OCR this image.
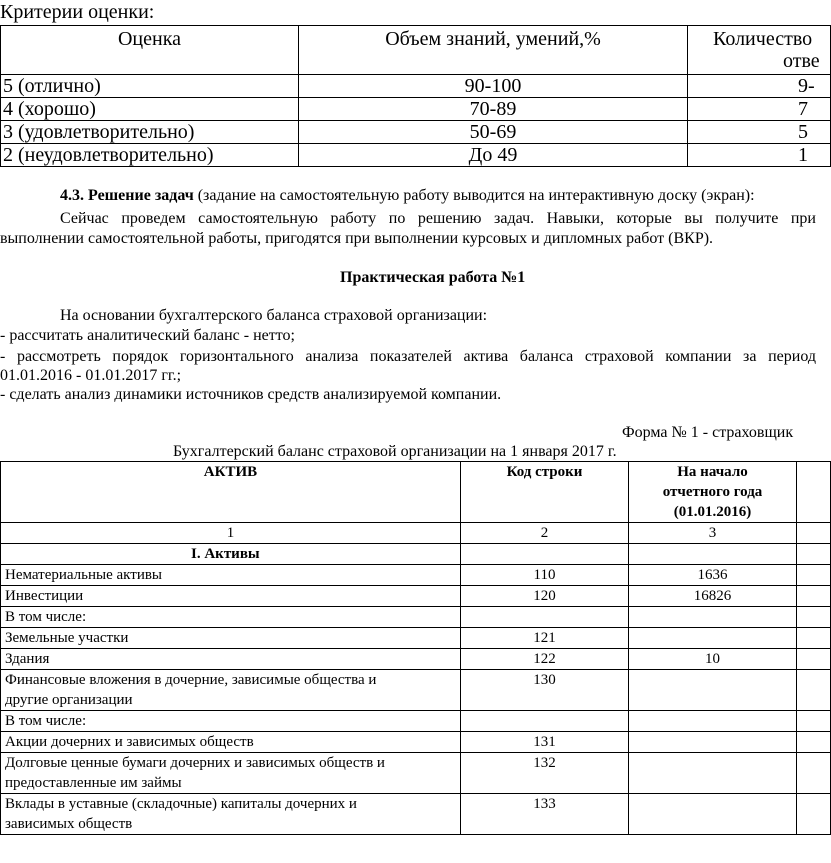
Критерии оценки:
Оценка	Объем знаний, умений,%	Количество
отве

5 (отлично)	90-100	9-
4 (хорошо)	70-89	7
3 (удовлетворительно)	50-69	5
2 (неудовлетворительно)	До 49	1
4.3. Решение задач (задание на самостоятельную работу выводится на интерактивную доску (экран):
Сейчас проведем самостоятельную работу по решению задач. Навыки, которые вы получите при
выполнении самостоятельной работы, пригодятся при выполнении курсовых и дипломных работ (ВКР).
Практическая работа №1
На основании бухгалтерского баланса страховой организации:
- рассчитать аналитический баланс - нетто;
- рассмотреть порядок горизонтального анализа показателей актива баланса страховой компании за период
01.01.2016 - 01.01.2017 гг.;
- сделать анализ динамики источников средств анализируемой компании.
Форма № 1 - страховщик
Бухгалтерский баланс страховой организации на 1 января 2017 г.
АКТИВ	Код строки	На начало
отчетного года
(01.01.2016)	

1	2	3	
I. Активы			
Нематериальные активы	110	1636	
Инвестиции	120	16826	
В том числе:			
Земельные участки	121		
Здания	122	10	

Финансовые вложения в дочерние, зависимые общества и
другие организации	130		
В том числе:			
Акции дочерних и зависимых обществ	131		

Долговые ценные бумаги дочерних и зависимых обществ и
предоставленные им займы	132		

Вклады в уставные (складочные) капиталы дочерних и
зависимых обществ	133		
